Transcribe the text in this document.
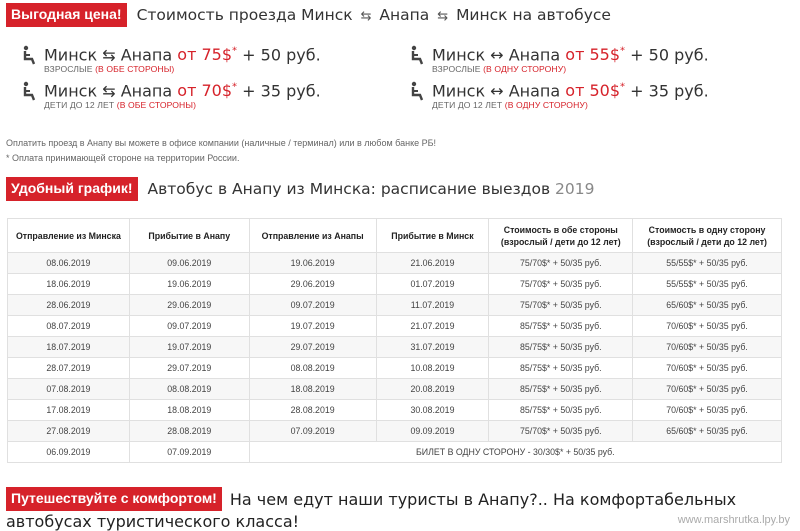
Выгодная цена! Стоимость проезда Минск ⇆ Анапа ⇆ Минск на автобусе
Минск ⇆ Анапа от 75$* + 50 руб.
ВЗРОСЛЫЕ (В ОБЕ СТОРОНЫ)
Минск ⇆ Анапа от 70$* + 35 руб.
ДЕТИ ДО 12 ЛЕТ (В ОБЕ СТОРОНЫ)
Минск ↔ Анапа от 55$* + 50 руб.
ВЗРОСЛЫЕ (В ОДНУ СТОРОНУ)
Минск ↔ Анапа от 50$* + 35 руб.
ДЕТИ ДО 12 ЛЕТ (В ОДНУ СТОРОНУ)
Оплатить проезд в Анапу вы можете в офисе компании (наличные / терминал) или в любом банке РБ!
* Оплата принимающей стороне на территории России.
Удобный график! Автобус в Анапу из Минска: расписание выездов 2019
Отправление из Минска	Прибытие в Анапу	Отправление из Анапы	Прибытие в Минск	Стоимость в обе стороны (взрослый / дети до 12 лет)	Стоимость в одну сторону (взрослый / дети до 12 лет)
08.06.2019	09.06.2019	19.06.2019	21.06.2019	75/70$* + 50/35 руб.	55/55$* + 50/35 руб.
18.06.2019	19.06.2019	29.06.2019	01.07.2019	75/70$* + 50/35 руб.	55/55$* + 50/35 руб.
28.06.2019	29.06.2019	09.07.2019	11.07.2019	75/70$* + 50/35 руб.	65/60$* + 50/35 руб.
08.07.2019	09.07.2019	19.07.2019	21.07.2019	85/75$* + 50/35 руб.	70/60$* + 50/35 руб.
18.07.2019	19.07.2019	29.07.2019	31.07.2019	85/75$* + 50/35 руб.	70/60$* + 50/35 руб.
28.07.2019	29.07.2019	08.08.2019	10.08.2019	85/75$* + 50/35 руб.	70/60$* + 50/35 руб.
07.08.2019	08.08.2019	18.08.2019	20.08.2019	85/75$* + 50/35 руб.	70/60$* + 50/35 руб.
17.08.2019	18.08.2019	28.08.2019	30.08.2019	85/75$* + 50/35 руб.	70/60$* + 50/35 руб.
27.08.2019	28.08.2019	07.09.2019	09.09.2019	75/70$* + 50/35 руб.	65/60$* + 50/35 руб.
06.09.2019	07.09.2019	БИЛЕТ В ОДНУ СТОРОНУ - 30/30$* + 50/35 руб.			
Путешествуйте с комфортом! На чем едут наши туристы в Анапу?.. На комфортабельных автобусах туристического класса!	www.marshrutka.lpy.by
